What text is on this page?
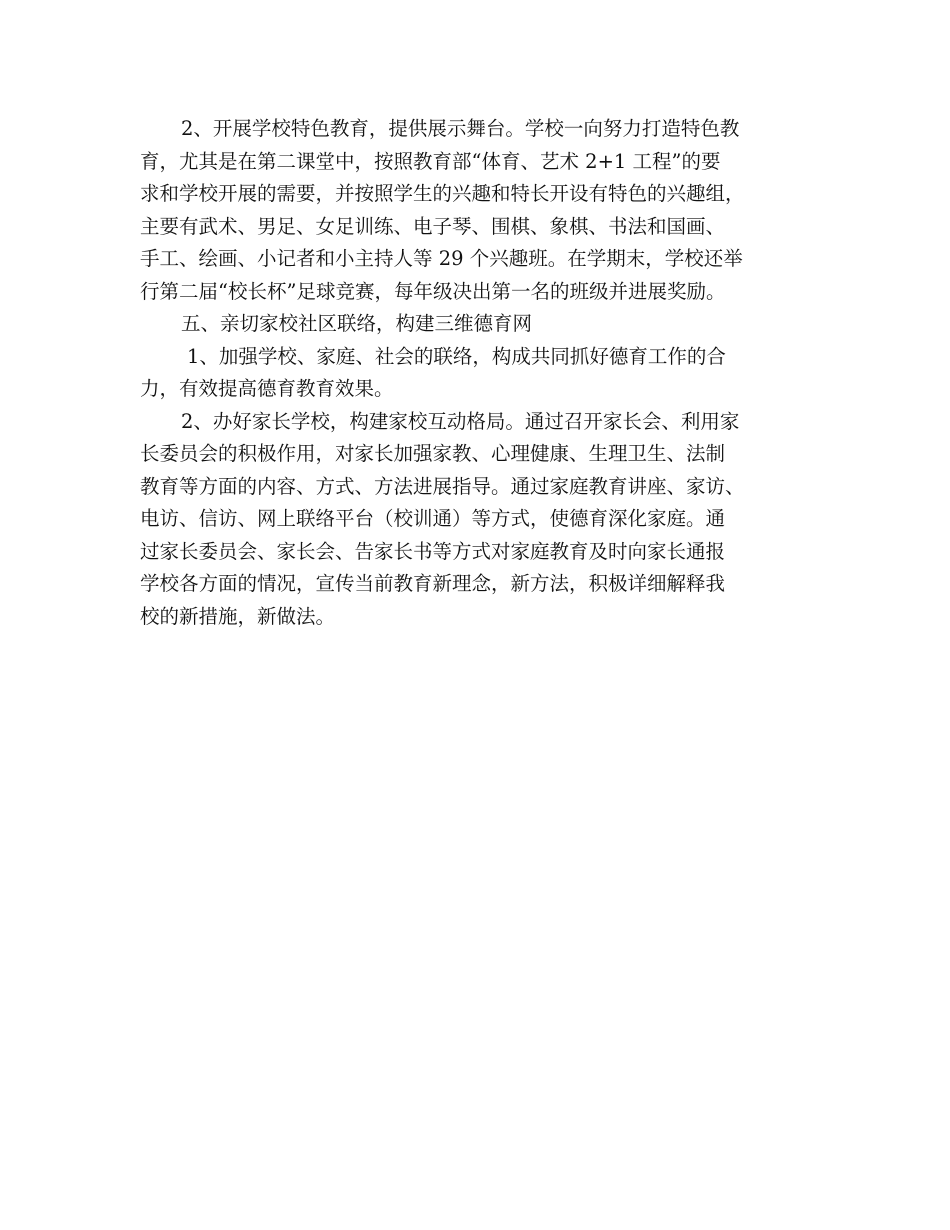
2、开展学校特色教育，提供展示舞台。学校一向努力打造特色教

育，尤其是在第二课堂中，按照教育部“体育、艺术 2+1 工程”的要

求和学校开展的需要，并按照学生的兴趣和特长开设有特色的兴趣组，

主要有武术、男足、女足训练、电子琴、围棋、象棋、书法和国画、

手工、绘画、小记者和小主持人等 29 个兴趣班。在学期末，学校还举

行第二届“校长杯”足球竞赛，每年级决出第一名的班级并进展奖励。

五、亲切家校社区联络，构建三维德育网

1、加强学校、家庭、社会的联络，构成共同抓好德育工作的合

力，有效提高德育教育效果。

2、办好家长学校，构建家校互动格局。通过召开家长会、利用家

长委员会的积极作用，对家长加强家教、心理健康、生理卫生、法制

教育等方面的内容、方式、方法进展指导。通过家庭教育讲座、家访、

电访、信访、网上联络平台（校训通）等方式，使德育深化家庭。通

过家长委员会、家长会、告家长书等方式对家庭教育及时向家长通报

学校各方面的情况，宣传当前教育新理念，新方法，积极详细解释我

校的新措施，新做法。
